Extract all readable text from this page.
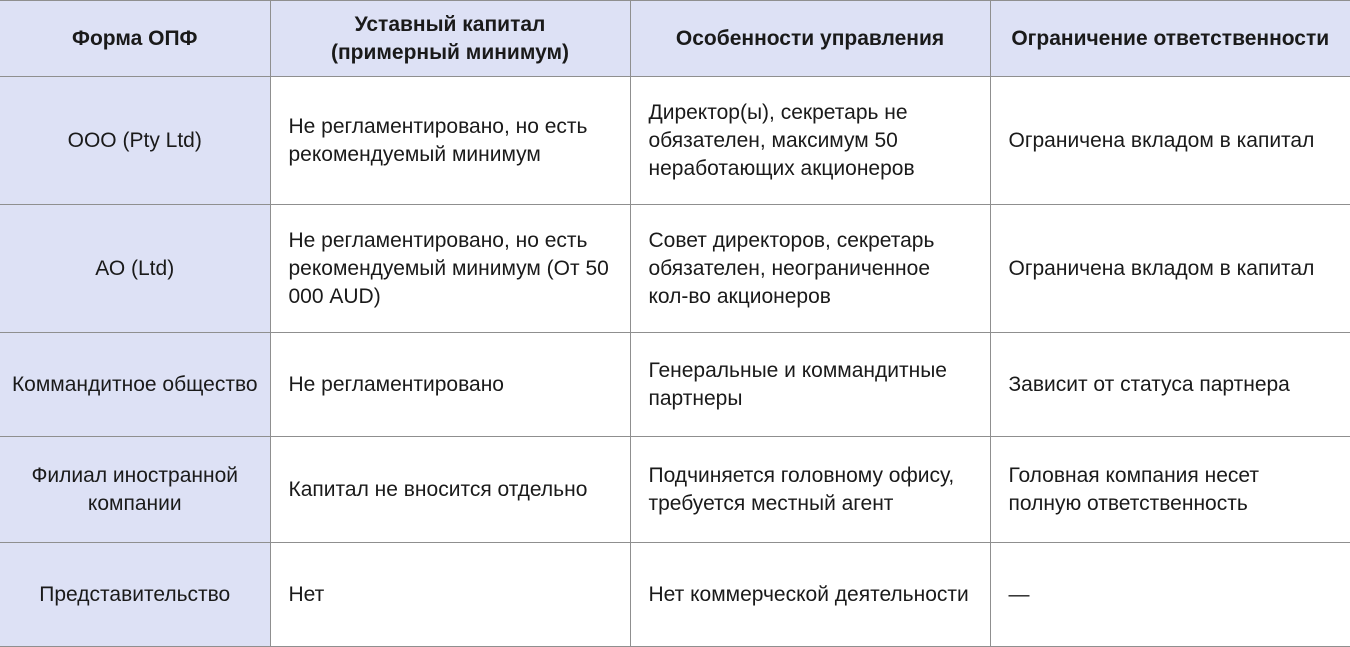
Форма ОПФ	Уставный капитал (примерный минимум)	Особенности управления	Ограничение ответственности
ООО (Pty Ltd)	Не регламентировано, но есть рекомендуемый минимум	Директор(ы), секретарь не обязателен, максимум 50 неработающих акционеров	Ограничена вкладом в капитал
АО (Ltd)	Не регламентировано, но есть рекомендуемый минимум (От 50 000 AUD)	Совет директоров, секретарь обязателен, неограниченное кол-во акционеров	Ограничена вкладом в капитал
Коммандитное общество	Не регламентировано	Генеральные и коммандитные партнеры	Зависит от статуса партнера
Филиал иностранной компании	Капитал не вносится отдельно	Подчиняется головному офису, требуется местный агент	Головная компания несет полную ответственность
Представительство	Нет	Нет коммерческой деятельности	—
